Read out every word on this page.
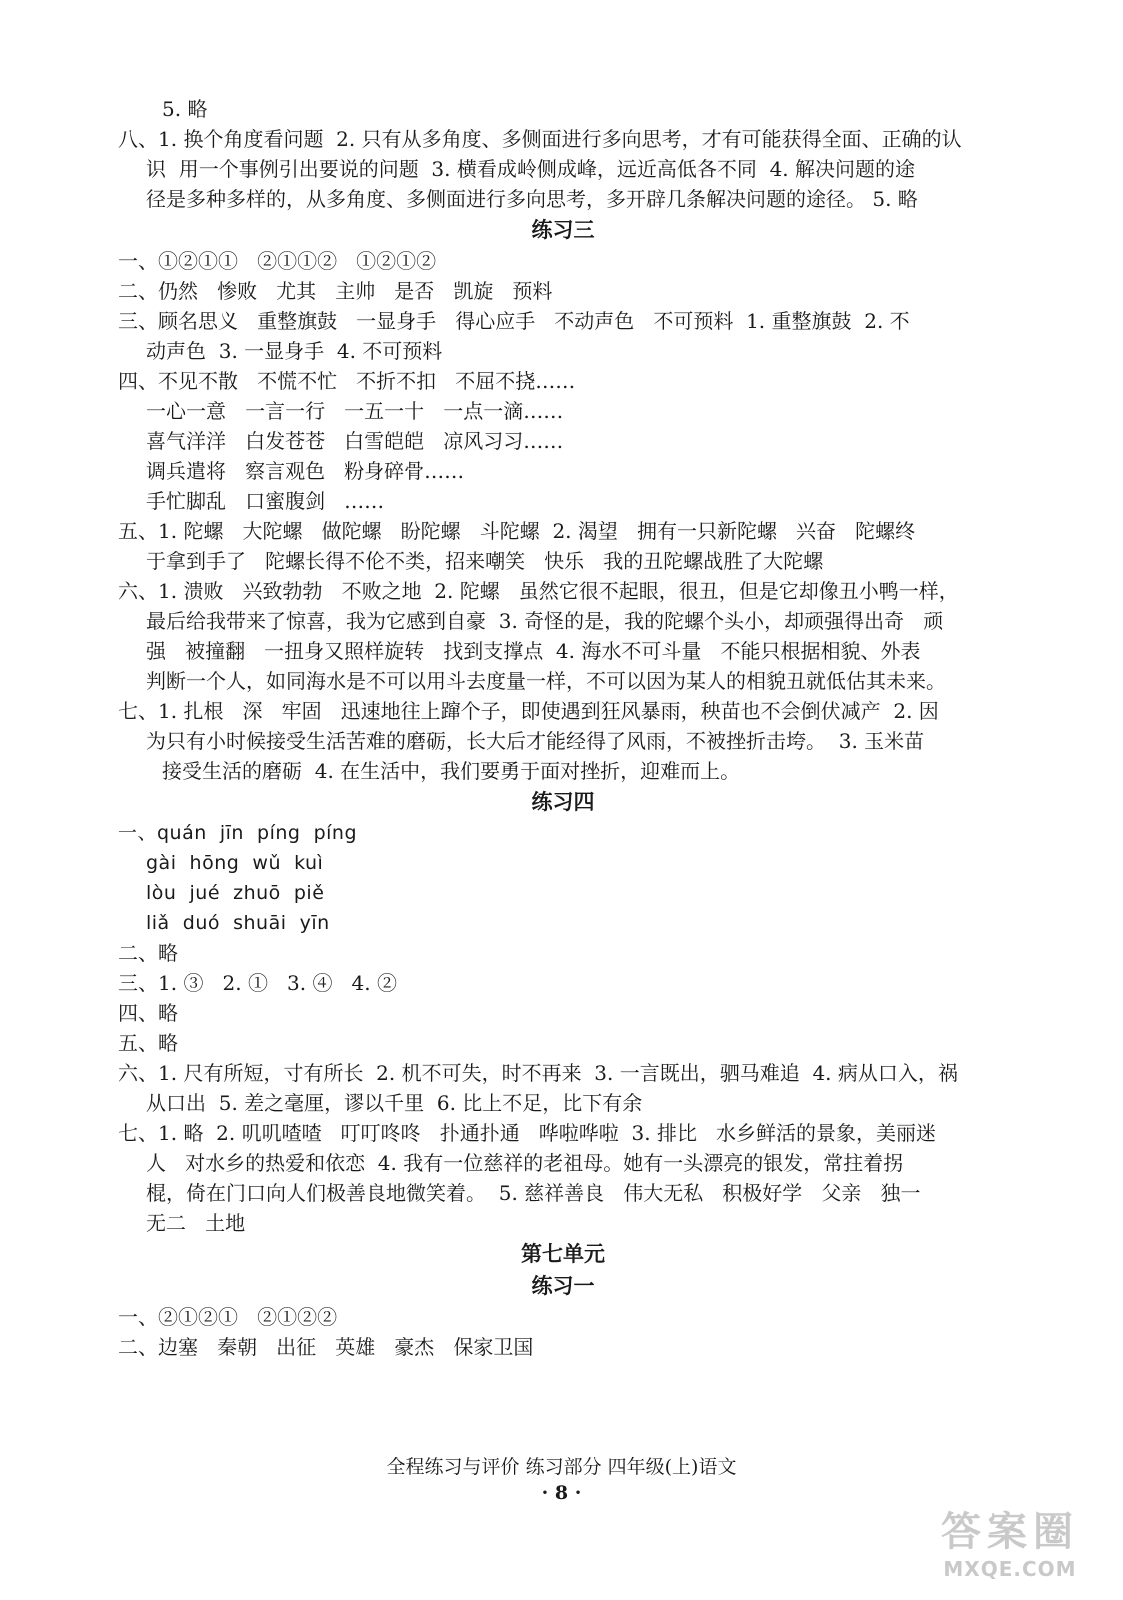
5. 略
八、1. 换个角度看问题  2. 只有从多角度、多侧面进行多向思考，才有可能获得全面、正确的认
识  用一个事例引出要说的问题  3. 横看成岭侧成峰，远近高低各不同  4. 解决问题的途
径是多种多样的，从多角度、多侧面进行多向思考，多开辟几条解决问题的途径。 5. 略
练习三
一、①②①①   ②①①②   ①②①②
二、仍然   惨败   尤其   主帅   是否   凯旋   预料
三、顾名思义   重整旗鼓   一显身手   得心应手   不动声色   不可预料  1. 重整旗鼓  2. 不
动声色  3. 一显身手  4. 不可预料
四、不见不散   不慌不忙   不折不扣   不屈不挠……
一心一意   一言一行   一五一十   一点一滴……
喜气洋洋   白发苍苍   白雪皑皑   凉风习习……
调兵遣将   察言观色   粉身碎骨……
手忙脚乱   口蜜腹剑   ……
五、1. 陀螺   大陀螺   做陀螺   盼陀螺   斗陀螺  2. 渴望   拥有一只新陀螺   兴奋   陀螺终
于拿到手了   陀螺长得不伦不类，招来嘲笑   快乐   我的丑陀螺战胜了大陀螺
六、1. 溃败   兴致勃勃   不败之地  2. 陀螺   虽然它很不起眼，很丑，但是它却像丑小鸭一样，
最后给我带来了惊喜，我为它感到自豪  3. 奇怪的是，我的陀螺个头小，却顽强得出奇   顽
强   被撞翻   一扭身又照样旋转   找到支撑点  4. 海水不可斗量   不能只根据相貌、外表
判断一个人，如同海水是不可以用斗去度量一样，不可以因为某人的相貌丑就低估其未来。
七、1. 扎根   深   牢固   迅速地往上蹿个子，即使遇到狂风暴雨，秧苗也不会倒伏减产  2. 因
为只有小时候接受生活苦难的磨砺，长大后才能经得了风雨，不被挫折击垮。  3. 玉米苗
接受生活的磨砺  4. 在生活中，我们要勇于面对挫折，迎难而上。
练习四
一、quán  jīn  píng  píng
gài  hōng  wǔ  kuì
lòu  jué  zhuō  piě
liǎ  duó  shuāi  yīn
二、略
三、1. ③   2. ①   3. ④   4. ②
四、略
五、略
六、1. 尺有所短，寸有所长  2. 机不可失，时不再来  3. 一言既出，驷马难追  4. 病从口入，祸
从口出  5. 差之毫厘，谬以千里  6. 比上不足，比下有余
七、1. 略  2. 叽叽喳喳   叮叮咚咚   扑通扑通   哗啦哗啦  3. 排比   水乡鲜活的景象，美丽迷
人   对水乡的热爱和依恋  4. 我有一位慈祥的老祖母。她有一头漂亮的银发，常拄着拐
棍，倚在门口向人们极善良地微笑着。  5. 慈祥善良   伟大无私   积极好学   父亲   独一
无二   土地
第七单元
练习一
一、②①②①   ②①②②
二、边塞   秦朝   出征   英雄   豪杰   保家卫国
全程练习与评价 练习部分 四年级(上)语文
· 8 ·
答案圈
MXQE.COM
